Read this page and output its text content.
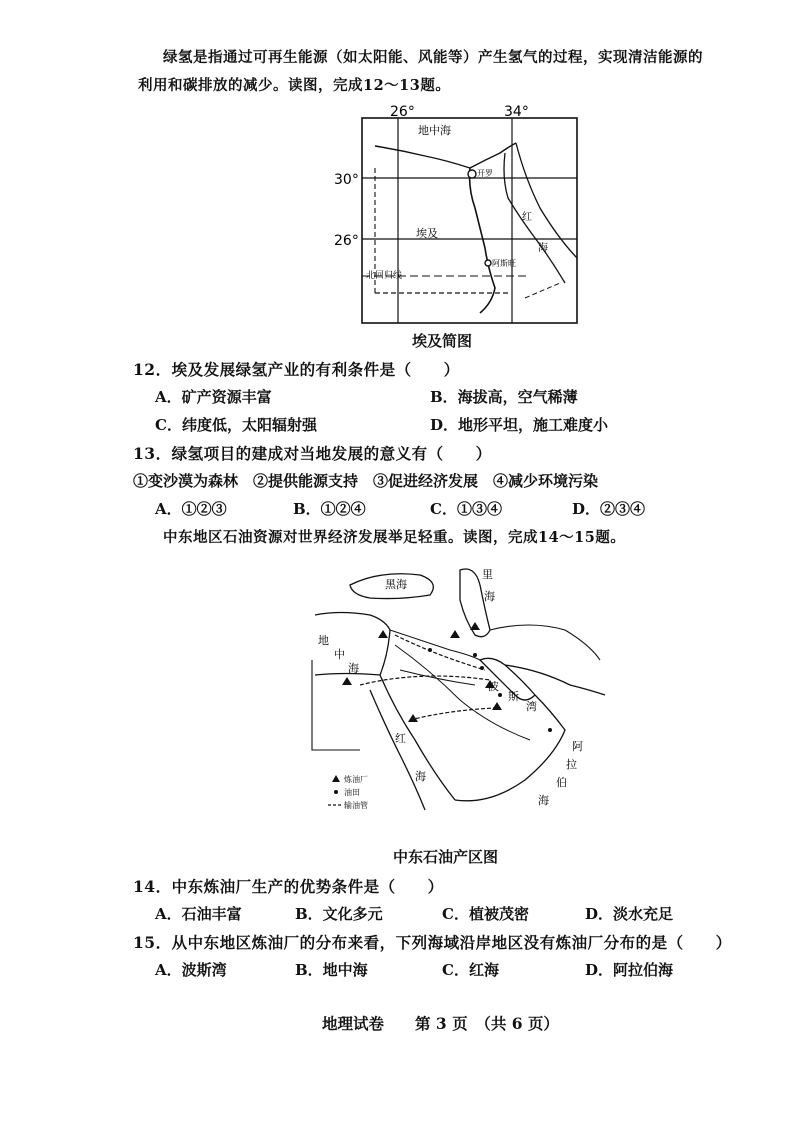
绿氢是指通过可再生能源（如太阳能、风能等）产生氢气的过程，实现清洁能源的
利用和碳排放的减少。读图，完成12～13题。
26°	34°
30°
26°
地中海
开罗
埃及
红
海
阿斯旺
北回归线
埃及简图
12．埃及发展绿氢产业的有利条件是（　　）
A．矿产资源丰富	B．海拔高，空气稀薄
C．纬度低，太阳辐射强	D．地形平坦，施工难度小
13．绿氢项目的建成对当地发展的意义有（　　）
①变沙漠为森林　②提供能源支持　③促进经济发展　④减少环境污染
A．①②③	B．①②④	C．①③④	D．②③④
中东地区石油资源对世界经济发展举足轻重。读图，完成14～15题。
黑海
里
海
地
中
海
波
斯
湾
红
海
阿
拉
伯
海
炼油厂
油田
输油管
中东石油产区图
14．中东炼油厂生产的优势条件是（　　）
A．石油丰富	B．文化多元	C．植被茂密	D．淡水充足
15．从中东地区炼油厂的分布来看，下列海域沿岸地区没有炼油厂分布的是（　　）
A．波斯湾	B．地中海	C．红海	D．阿拉伯海
地理试卷　　第 3 页　（共 6 页）
